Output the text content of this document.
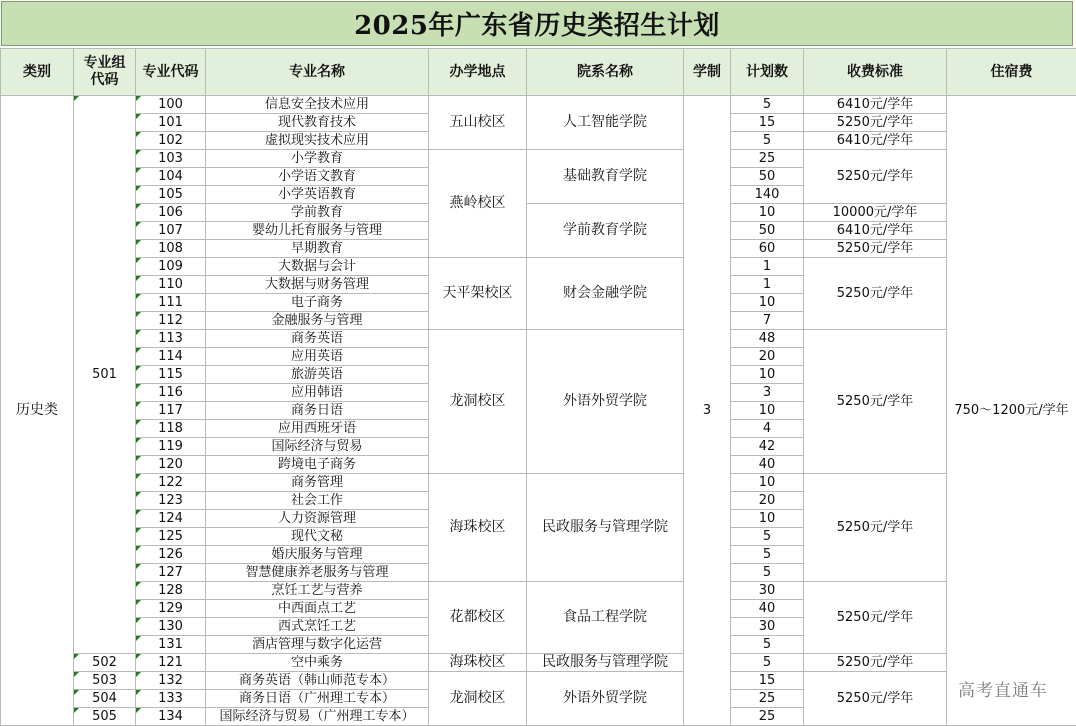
2025年广东省历史类招生计划
类别	专业组代码	专业代码	专业名称	办学地点	院系名称	学制	计划数	收费标准	住宿费
历史类	501	100	信息安全技术应用	五山校区	人工智能学院	3	5	6410元/学年	750～1200元/学年
		101	现代教育技术				15	5250元/学年	
		102	虚拟现实技术应用				5	6410元/学年	
		103	小学教育	燕岭校区	基础教育学院		25	5250元/学年	
		104	小学语文教育				50		
		105	小学英语教育				140		
		106	学前教育		学前教育学院		10	10000元/学年	
		107	婴幼儿托育服务与管理				50	6410元/学年	
		108	早期教育				60	5250元/学年	
		109	大数据与会计	天平架校区	财会金融学院		1	5250元/学年	
		110	大数据与财务管理				1		
		111	电子商务				10		
		112	金融服务与管理				7		
		113	商务英语	龙洞校区	外语外贸学院		48	5250元/学年	
		114	应用英语				20		
		115	旅游英语				10		
		116	应用韩语				3		
		117	商务日语				10		
		118	应用西班牙语				4		
		119	国际经济与贸易				42		
		120	跨境电子商务				40		
		122	商务管理	海珠校区	民政服务与管理学院		10	5250元/学年	
		123	社会工作				20		
		124	人力资源管理				10		
		125	现代文秘				5		
		126	婚庆服务与管理				5		
		127	智慧健康养老服务与管理				5		
		128	烹饪工艺与营养	花都校区	食品工程学院		30	5250元/学年	
		129	中西面点工艺				40		
		130	西式烹饪工艺				30		
		131	酒店管理与数字化运营				5		
	502	121	空中乘务	海珠校区	民政服务与管理学院		5	5250元/学年	
	503	132	商务英语（韩山师范专本）	龙洞校区	外语外贸学院		15	5250元/学年	
	504	133	商务日语（广州理工专本）				25		
	505	134	国际经济与贸易（广州理工专本）				25		
高考直通车
